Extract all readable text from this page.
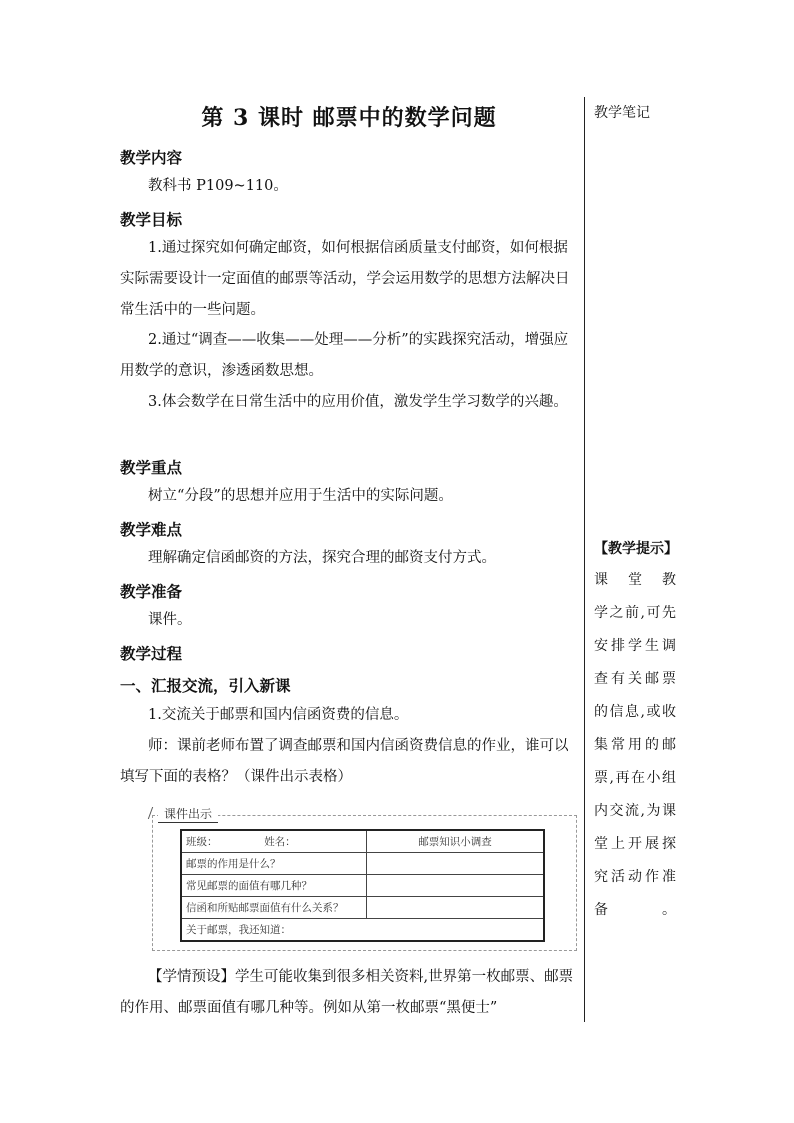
教学笔记
第 3 课时 邮票中的数学问题
教学内容
教科书 P109~110。
教学目标
1.通过探究如何确定邮资，如何根据信函质量支付邮资，如何根据实际需要设计一定面值的邮票等活动，学会运用数学的思想方法解决日常生活中的一些问题。
2.通过“调查——收集——处理——分析”的实践探究活动，增强应用数学的意识，渗透函数思想。
3.体会数学在日常生活中的应用价值，激发学生学习数学的兴趣。
教学重点
树立“分段”的思想并应用于生活中的实际问题。
教学难点
理解确定信函邮资的方法，探究合理的邮资支付方式。
教学准备
课件。
教学过程
一、汇报交流，引入新课
1.交流关于邮票和国内信函资费的信息。
师：课前老师布置了调查邮票和国内信函资费信息的作业，谁可以填写下面的表格？（课件出示表格）
课件出示
班级： 姓名：	邮票知识小调查
邮票的作用是什么？	
常见邮票的面值有哪几种？	
信函和所贴邮票面值有什么关系？	
关于邮票，我还知道：	
【学情预设】学生可能收集到很多相关资料,世界第一枚邮票、邮票的作用、邮票面值有哪几种等。例如从第一枚邮票“黑便士”
【教学提示】
课 堂 教
学之前,可先
安排学生调
查有关邮票
的信息,或收
集常用的邮
票,再在小组
内交流,为课
堂上开展探
究活动作准
备　　。
